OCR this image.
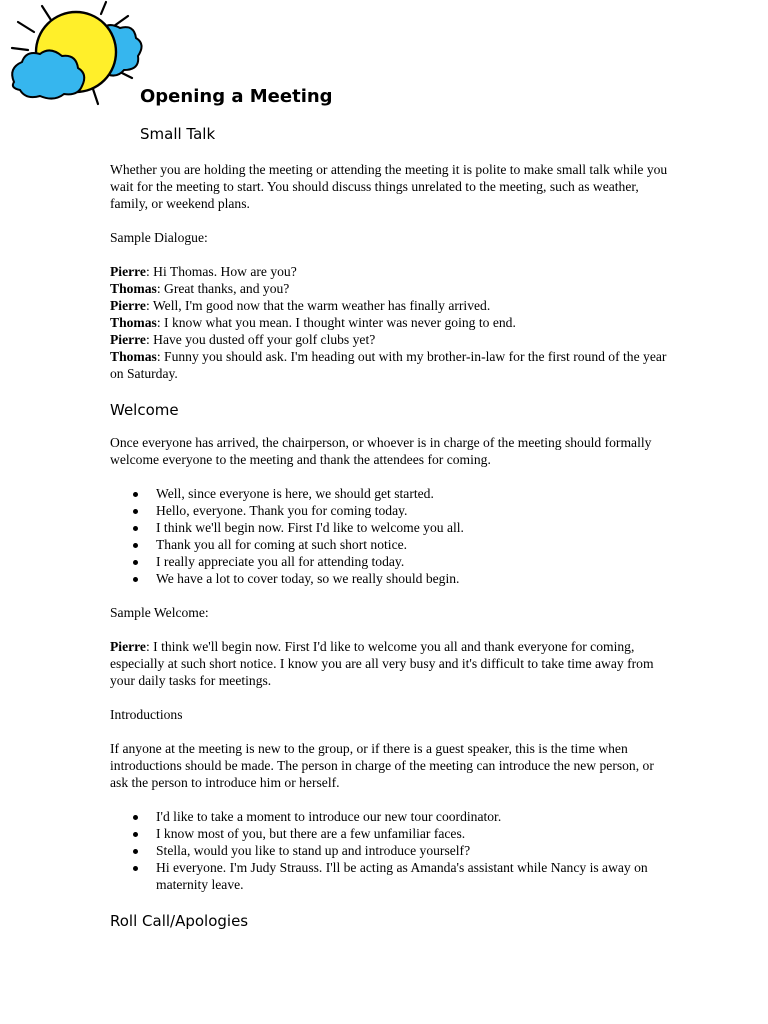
Opening a Meeting
Small Talk

Whether you are holding the meeting or attending the meeting it is polite to make small talk while you wait for the meeting to start. You should discuss things unrelated to the meeting, such as weather, family, or weekend plans.

Sample Dialogue:

Pierre: Hi Thomas. How are you?

Thomas: Great thanks, and you?

Pierre: Well, I'm good now that the warm weather has finally arrived.

Thomas: I know what you mean. I thought winter was never going to end.

Pierre: Have you dusted off your golf clubs yet?

Thomas: Funny you should ask. I'm heading out with my brother-in-law for the first round of the year on Saturday.

Welcome

Once everyone has arrived, the chairperson, or whoever is in charge of the meeting should formally welcome everyone to the meeting and thank the attendees for coming.

Well, since everyone is here, we should get started.
Hello, everyone. Thank you for coming today.
I think we'll begin now. First I'd like to welcome you all.
Thank you all for coming at such short notice.
I really appreciate you all for attending today.
We have a lot to cover today, so we really should begin.

Sample Welcome:

Pierre: I think we'll begin now. First I'd like to welcome you all and thank everyone for coming, especially at such short notice. I know you are all very busy and it's difficult to take time away from your daily tasks for meetings.

Introductions

If anyone at the meeting is new to the group, or if there is a guest speaker, this is the time when introductions should be made. The person in charge of the meeting can introduce the new person, or ask the person to introduce him or herself.

I'd like to take a moment to introduce our new tour coordinator.
I know most of you, but there are a few unfamiliar faces.
Stella, would you like to stand up and introduce yourself?
Hi everyone. I'm Judy Strauss. I'll be acting as Amanda's assistant while Nancy is away on maternity leave.
Roll Call/Apologies
